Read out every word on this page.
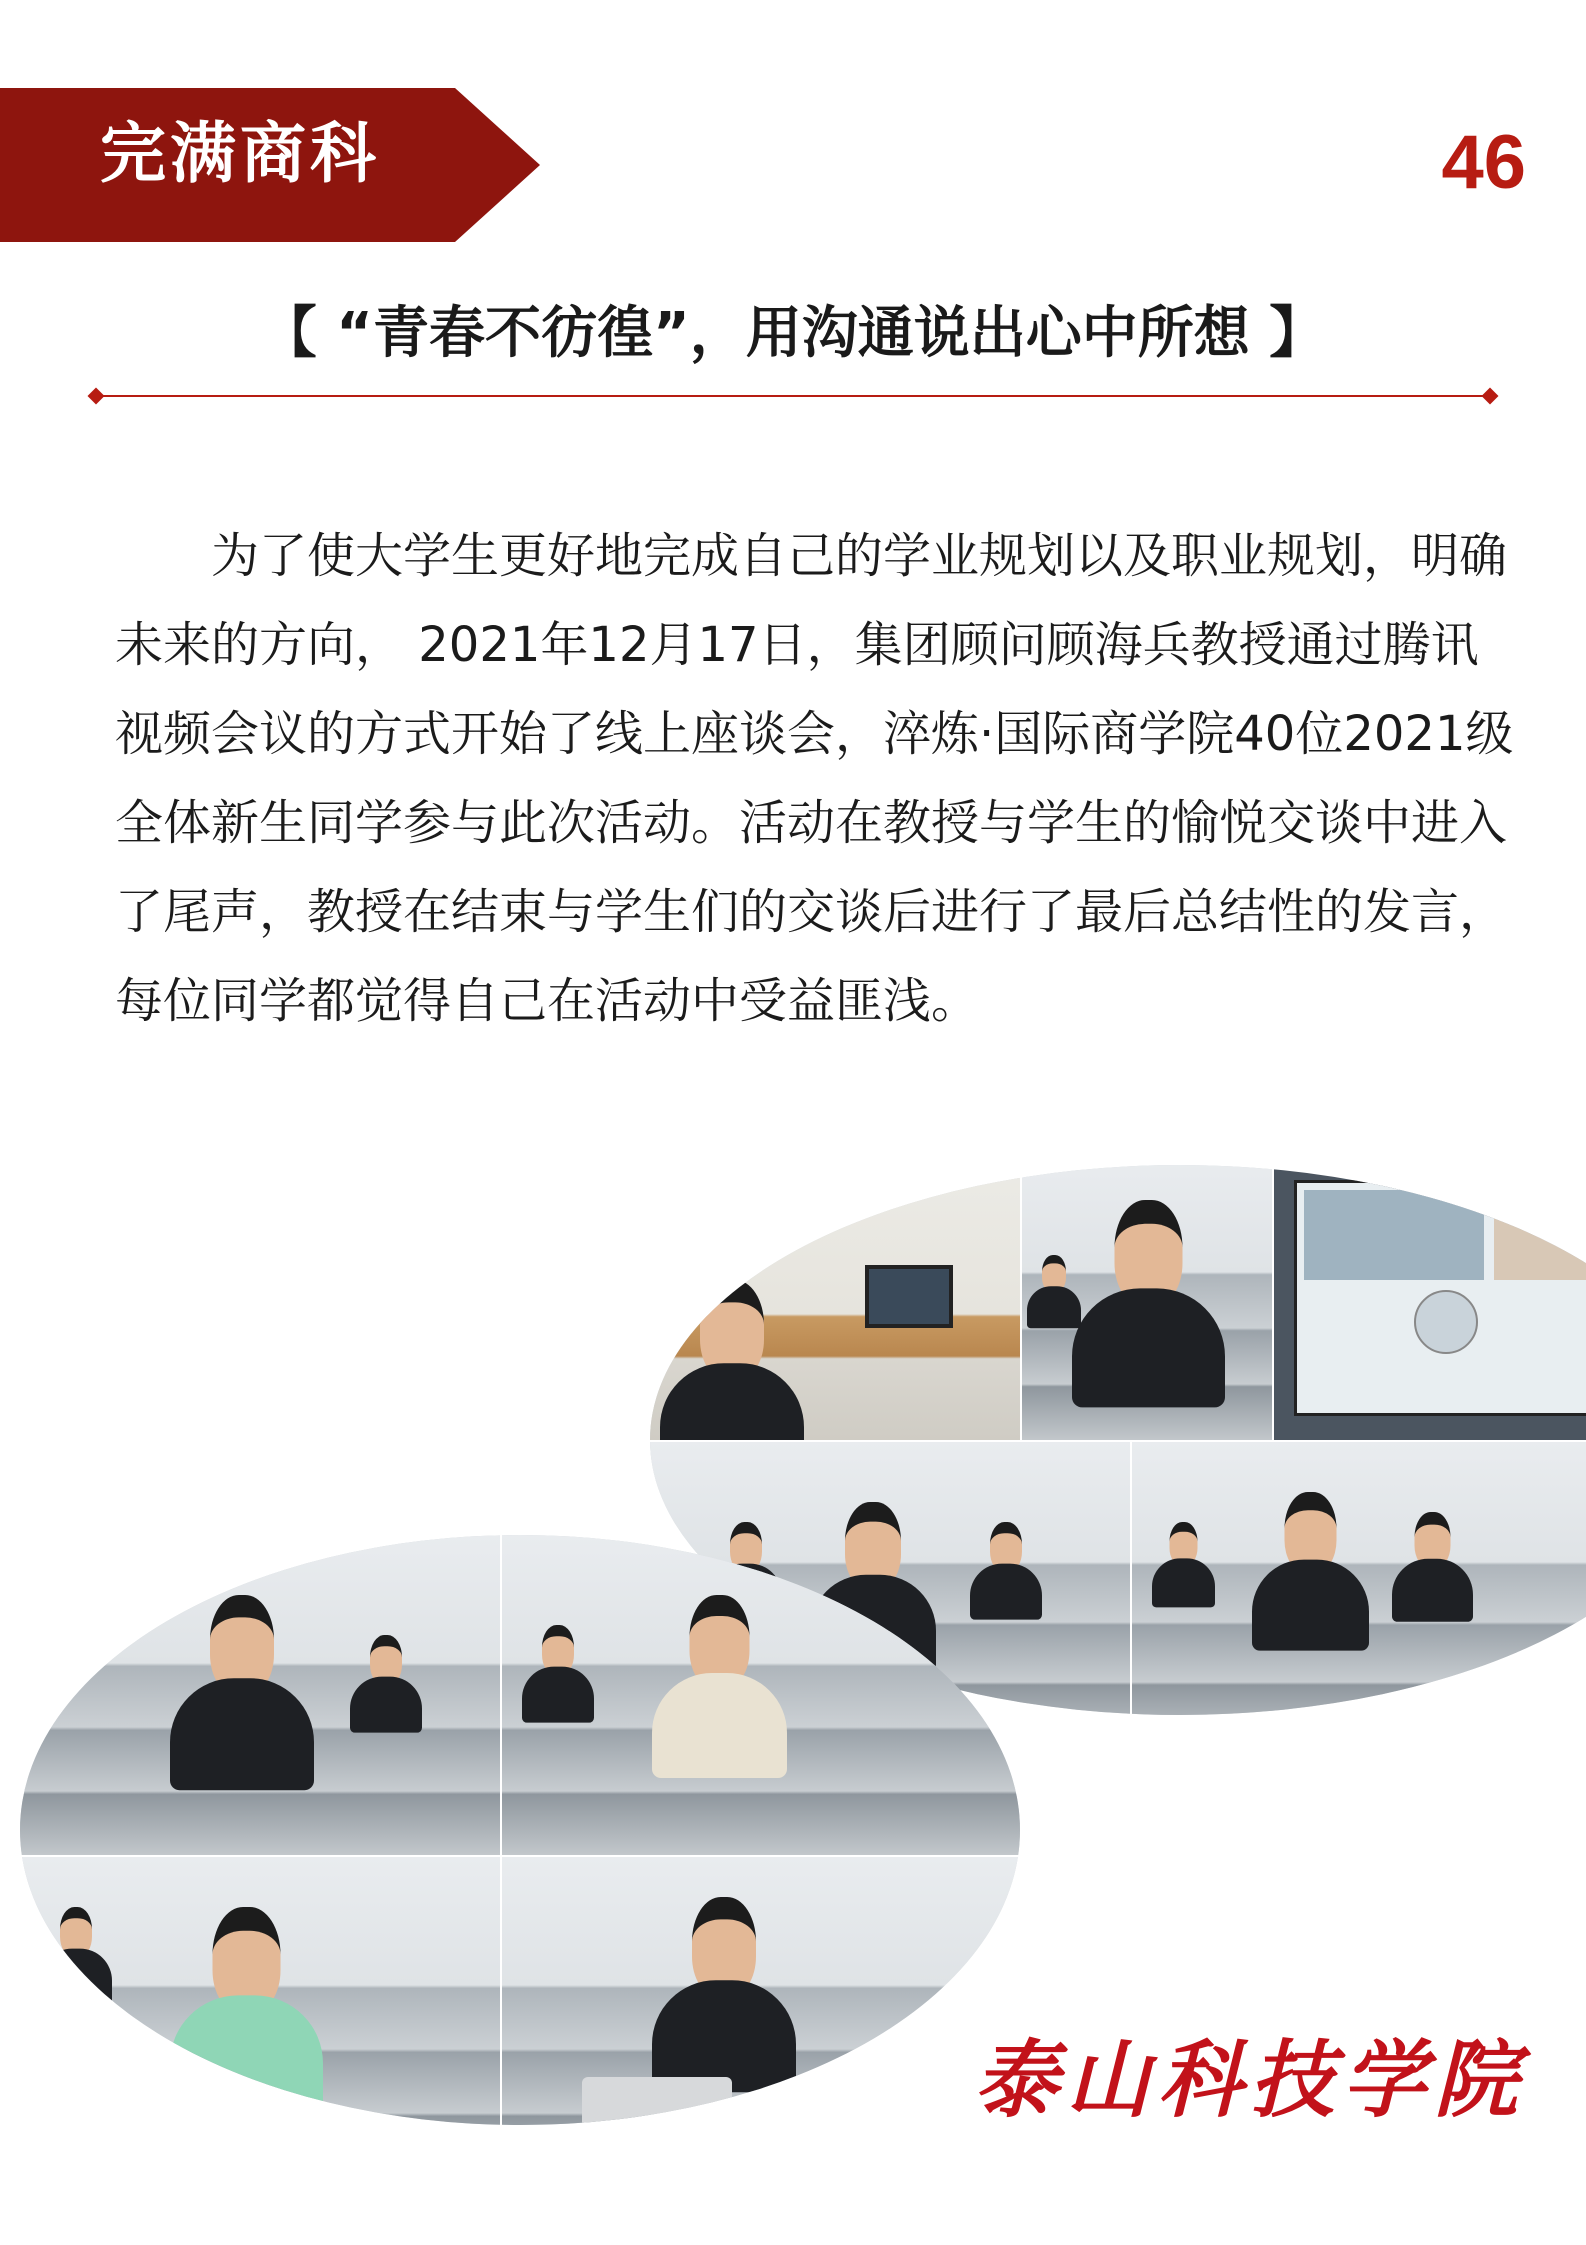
完满商科	46
【 “青春不彷徨”，用沟通说出心中所想 】

为了使大学生更好地完成自己的学业规划以及职业规划，明确未来的方向， 2021年12月17日，集团顾问顾海兵教授通过腾讯视频会议的方式开始了线上座谈会，淬炼·国际商学院40位2021级全体新生同学参与此次活动。活动在教授与学生的愉悦交谈中进入了尾声，教授在结束与学生们的交谈后进行了最后总结性的发言，每位同学都觉得自己在活动中受益匪浅。

泰山科技学院
